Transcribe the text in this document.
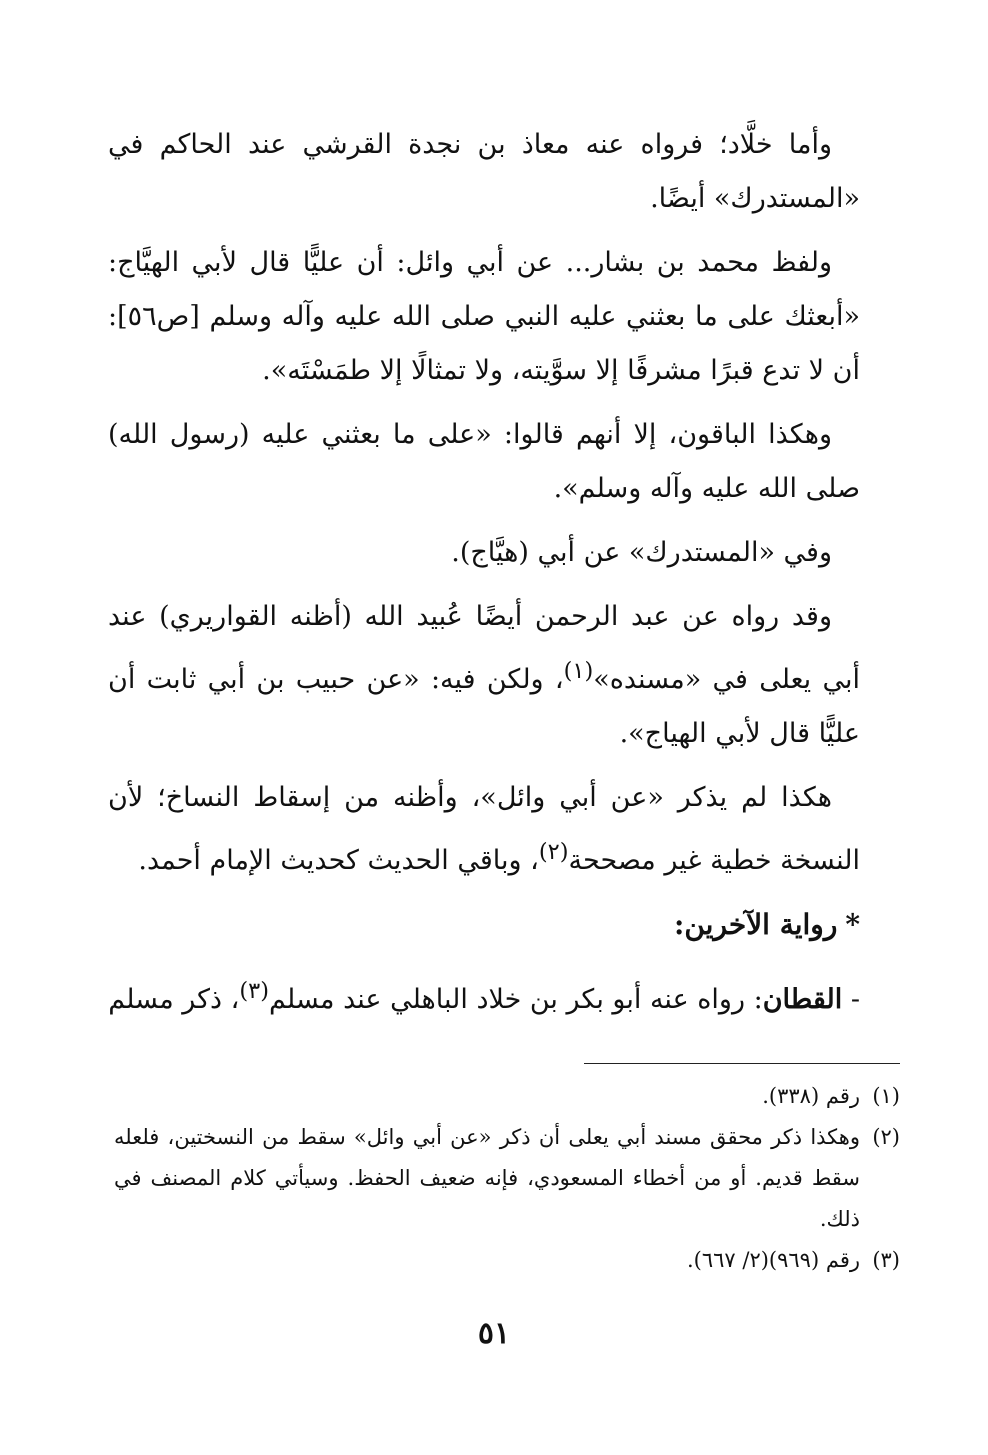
وأما خلَّاد؛ فرواه عنه معاذ بن نجدة القرشي عند الحاكم في «المستدرك» أيضًا.

ولفظ محمد بن بشار... عن أبي وائل: أن عليًّا قال لأبي الهيَّاج: «أبعثك على ما بعثني عليه النبي صلى الله عليه وآله وسلم [ص٥٦]: أن لا تدع قبرًا مشرفًا إلا سوَّيته، ولا تمثالًا إلا طمَسْتَه».

وهكذا الباقون، إلا أنهم قالوا: «على ما بعثني عليه (رسول الله) صلى الله عليه وآله وسلم».

وفي «المستدرك» عن أبي (هيَّاج).

وقد رواه عن عبد الرحمن أيضًا عُبيد الله (أظنه القواريري) عند أبي يعلى في «مسنده»$^{(١)}$، ولكن فيه: «عن حبيب بن أبي ثابت أن عليًّا قال لأبي الهياج».

هكذا لم يذكر «عن أبي وائل»، وأظنه من إسقاط النساخ؛ لأن النسخة خطية غير مصححة$^{(٢)}$، وباقي الحديث كحديث الإمام أحمد.

*رواية الآخرين:

- القطان: رواه عنه أبو بكر بن خلاد الباهلي عند مسلم$^{(٣)}$، ذكر مسلم

(١)
رقم (٣٣٨).
(٢)
وهكذا ذكر محقق مسند أبي يعلى أن ذكر «عن أبي وائل» سقط من النسختين، فلعله سقط قديم. أو من أخطاء المسعودي، فإنه ضعيف الحفظ. وسيأتي كلام المصنف في ذلك.
(٣)
رقم (٩٦٩)(٢/ ٦٦٧).
٥١
